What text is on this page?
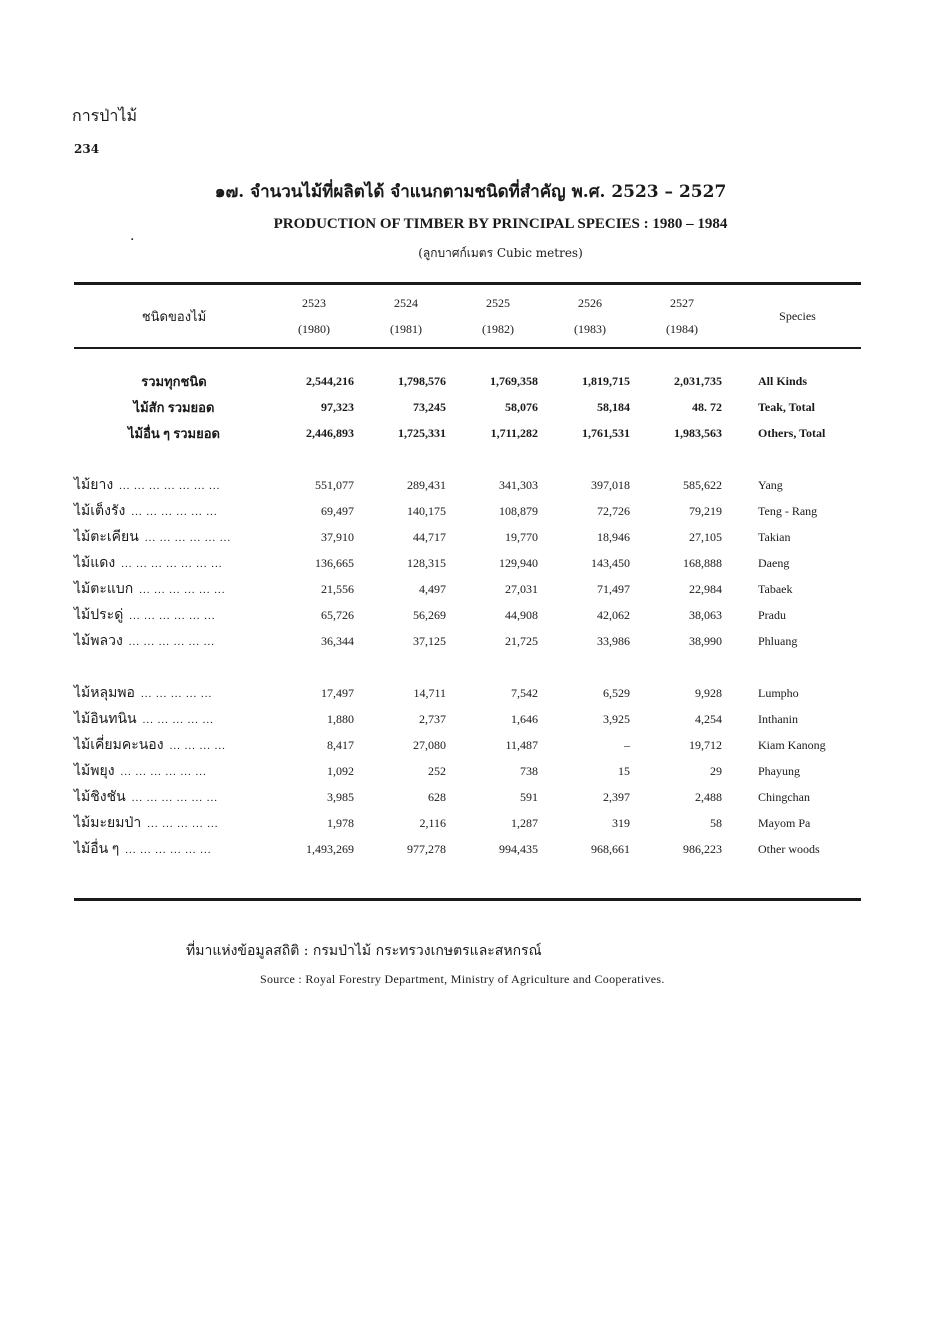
การป่าไม้
234
๑๗. จำนวนไม้ที่ผลิตได้ จำแนกตามชนิดที่สำคัญ พ.ศ. 2523 – 2527
.
PRODUCTION OF TIMBER BY PRINCIPAL SPECIES : 1980 – 1984
(ลูกบาศก์เมตร Cubic metres)
ชนิดของไม้	2523	2524	2525	2526	2527	Species
	(1980)	(1981)	(1982)	(1983)	(1984)	

รวมทุกชนิด	2,544,216	1,798,576	1,769,358	1,819,715	2,031,735	All Kinds
ไม้สัก รวมยอด	97,323	73,245	58,076	58,184	48. 72	Teak, Total
ไม้อื่น ๆ รวมยอด	2,446,893	1,725,331	1,711,282	1,761,531	1,983,563	Others, Total

ไม้ยาง ... ... ... ... ... ... ...	551,077	289,431	341,303	397,018	585,622	Yang
ไม้เต็งรัง ... ... ... ... ... ...	69,497	140,175	108,879	72,726	79,219	Teng - Rang
ไม้ตะเคียน ... ... ... ... ... ...	37,910	44,717	19,770	18,946	27,105	Takian
ไม้แดง ... ... ... ... ... ... ...	136,665	128,315	129,940	143,450	168,888	Daeng
ไม้ตะแบก ... ... ... ... ... ...	21,556	4,497	27,031	71,497	22,984	Tabaek
ไม้ประดู่ ... ... ... ... ... ...	65,726	56,269	44,908	42,062	38,063	Pradu
ไม้พลวง ... ... ... ... ... ...	36,344	37,125	21,725	33,986	38,990	Phluang

ไม้หลุมพอ ... ... ... ... ...	17,497	14,711	7,542	6,529	9,928	Lumpho
ไม้อินทนิน ... ... ... ... ...	1,880	2,737	1,646	3,925	4,254	Inthanin
ไม้เคี่ยมคะนอง ... ... ... ...	8,417	27,080	11,487	–	19,712	Kiam Kanong
ไม้พยุง ... ... ... ... ... ...	1,092	252	738	15	29	Phayung
ไม้ชิงชัน ... ... ... ... ... ...	3,985	628	591	2,397	2,488	Chingchan
ไม้มะยมป่า ... ... ... ... ...	1,978	2,116	1,287	319	58	Mayom Pa
ไม้อื่น ๆ ... ... ... ... ... ...	1,493,269	977,278	994,435	968,661	986,223	Other woods
ที่มาแห่งข้อมูลสถิติ : กรมป่าไม้ กระทรวงเกษตรและสหกรณ์
Source : Royal Forestry Department, Ministry of Agriculture and Cooperatives.
